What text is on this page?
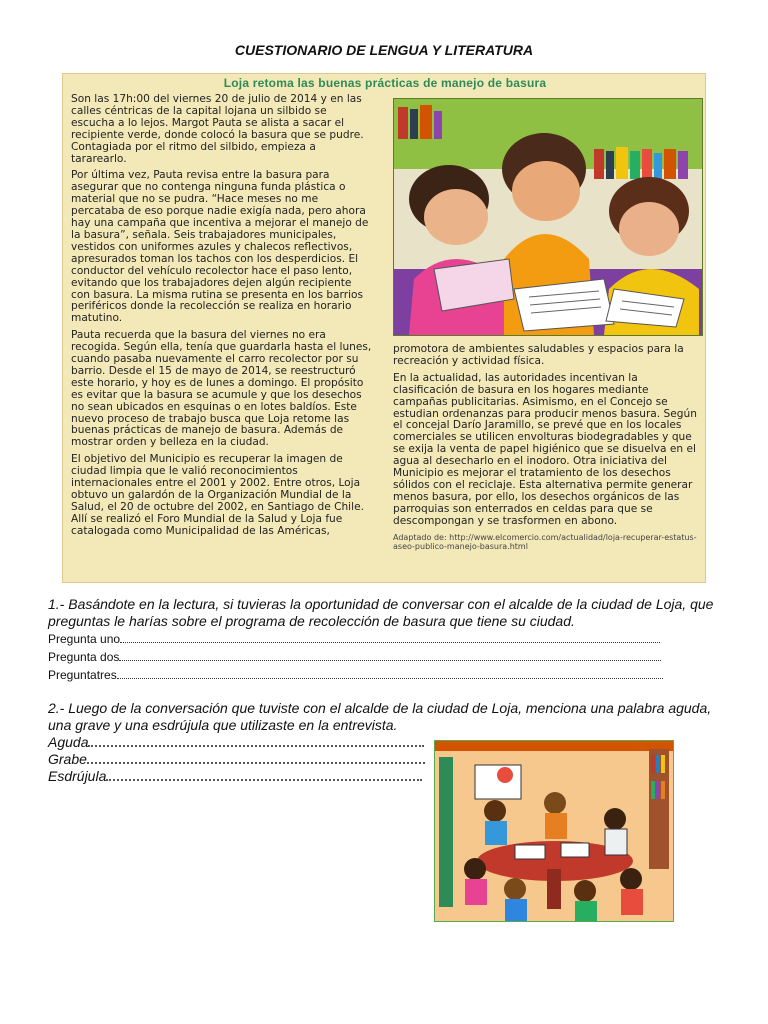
CUESTIONARIO DE LENGUA Y LITERATURA
Loja retoma las buenas prácticas de manejo de basura

Son las 17h:00 del viernes 20 de julio de 2014 y en las calles céntricas de la capital lojana un silbido se escucha a lo lejos. Margot Pauta se alista a sacar el recipiente verde, donde colocó la basura que se pudre. Contagiada por el ritmo del silbido, empieza a tararearlo.

Por última vez, Pauta revisa entre la basura para asegurar que no contenga ninguna funda plástica o material que no se pudra. “Hace meses no me percataba de eso porque nadie exigía nada, pero ahora hay una campaña que incentiva a mejorar el manejo de la basura”, señala. Seis trabajadores municipales, vestidos con uniformes azules y chalecos reflectivos, apresurados toman los tachos con los desperdicios. El conductor del vehículo recolector hace el paso lento, evitando que los trabajadores dejen algún recipiente con basura. La misma rutina se presenta en los barrios periféricos donde la recolección se realiza en horario matutino.

Pauta recuerda que la basura del viernes no era recogida. Según ella, tenía que guardarla hasta el lunes, cuando pasaba nuevamente el carro recolector por su barrio. Desde el 15 de mayo de 2014, se reestructuró este horario, y hoy es de lunes a domingo. El propósito es evitar que la basura se acumule y que los desechos no sean ubicados en esquinas o en lotes baldíos. Este nuevo proceso de trabajo busca que Loja retome las buenas prácticas de manejo de basura. Además de mostrar orden y belleza en la ciudad.

El objetivo del Municipio es recuperar la imagen de ciudad limpia que le valió reconocimientos internacionales entre el 2001 y 2002. Entre otros, Loja obtuvo un galardón de la Organización Mundial de la Salud, el 20 de octubre del 2002, en Santiago de Chile. Allí se realizó el Foro Mundial de la Salud y Loja fue catalogada como Municipalidad de las Américas,

promotora de ambientes saludables y espacios para la recreación y actividad física.

En la actualidad, las autoridades incentivan la clasificación de basura en los hogares mediante campañas publicitarias. Asimismo, en el Concejo se estudian ordenanzas para producir menos basura. Según el concejal Darío Jaramillo, se prevé que en los locales comerciales se utilicen envolturas biodegradables y que se exija la venta de papel higiénico que se disuelva en el agua al desecharlo en el inodoro. Otra iniciativa del Municipio es mejorar el tratamiento de los desechos sólidos con el reciclaje. Esta alternativa permite generar menos basura, por ello, los desechos orgánicos de las parroquias son enterrados en celdas para que se descompongan y se trasformen en abono.

Adaptado de: http://www.elcomercio.com/actualidad/loja-recuperar-estatus-aseo-publico-manejo-basura.html

1.- Basándote en la lectura, si tuvieras la oportunidad de conversar con el alcalde de la ciudad de Loja, que preguntas le harías sobre el programa de recolección de basura que tiene su ciudad.

Pregunta uno
Pregunta dos
Preguntatres

2.- Luego de la conversación que tuviste con el alcalde de la ciudad de Loja, menciona una palabra aguda, una grave y una esdrújula que utilizaste en la entrevista.

Aguda
Grabe
Esdrújula
